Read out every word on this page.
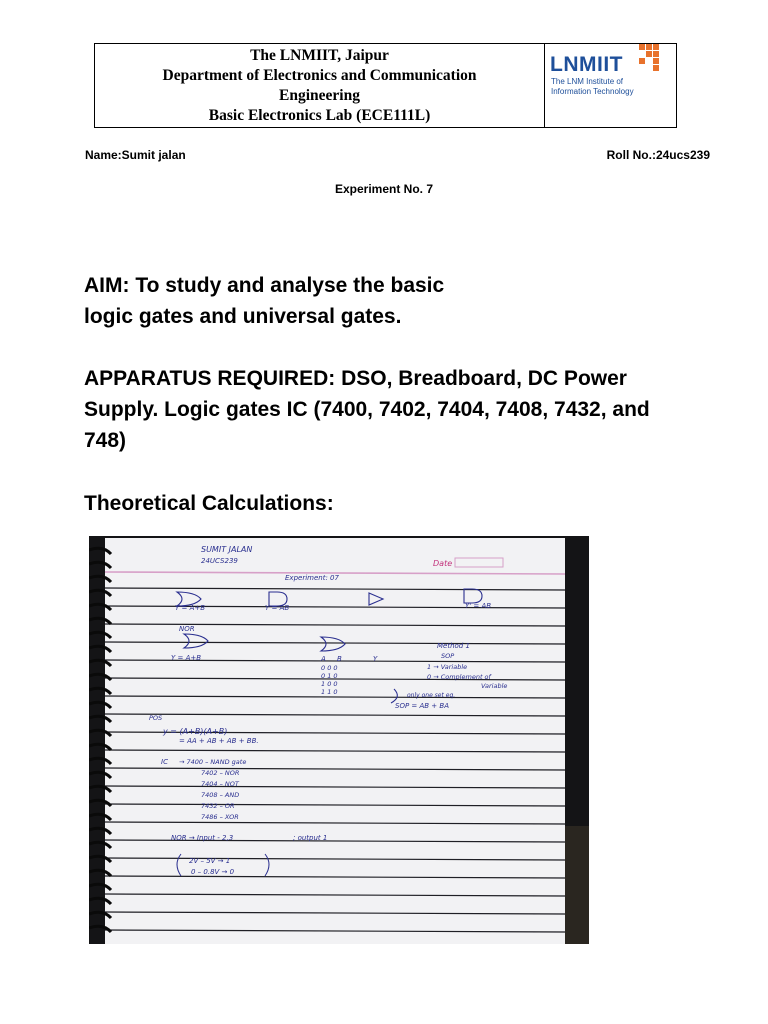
The LNMIIT, Jaipur
Department of Electronics and Communication
Engineering
Basic Electronics Lab (ECE111L)
LNMIIT
The LNM Institute of
Information Technology
Name:Sumit jalan	Roll No.:24ucs239
Experiment No. 7
AIM: To study and analyse the basic
logic gates and universal gates.
APPARATUS REQUIRED: DSO, Breadboard, DC Power
Supply. Logic gates IC (7400, 7402, 7404, 7408, 7432, and
748)
Theoretical Calculations:
SUMIT JALAN
24UCS239	Date
Experiment: 07
Y = A+B	Y = AB	Y' = AB
NOR
Y = A+B	A B	Y
0 0 0
0 1 0
1 0 0
1 1 0
Method 1
SOP
1 → Variable
0 → Complement of
Variable
only one set eq.
SOP = AB + BA
POS
y = (A+B)(A+B)
= AA + AB + AB + BB.
IC → 7400 – NAND gate
7402 – NOR
7404 – NOT
7408 – AND
7432 – OR
7486 – XOR
NOR → Input - 2,3	; output 1
2V – 5V → 1
0 – 0.8V → 0
